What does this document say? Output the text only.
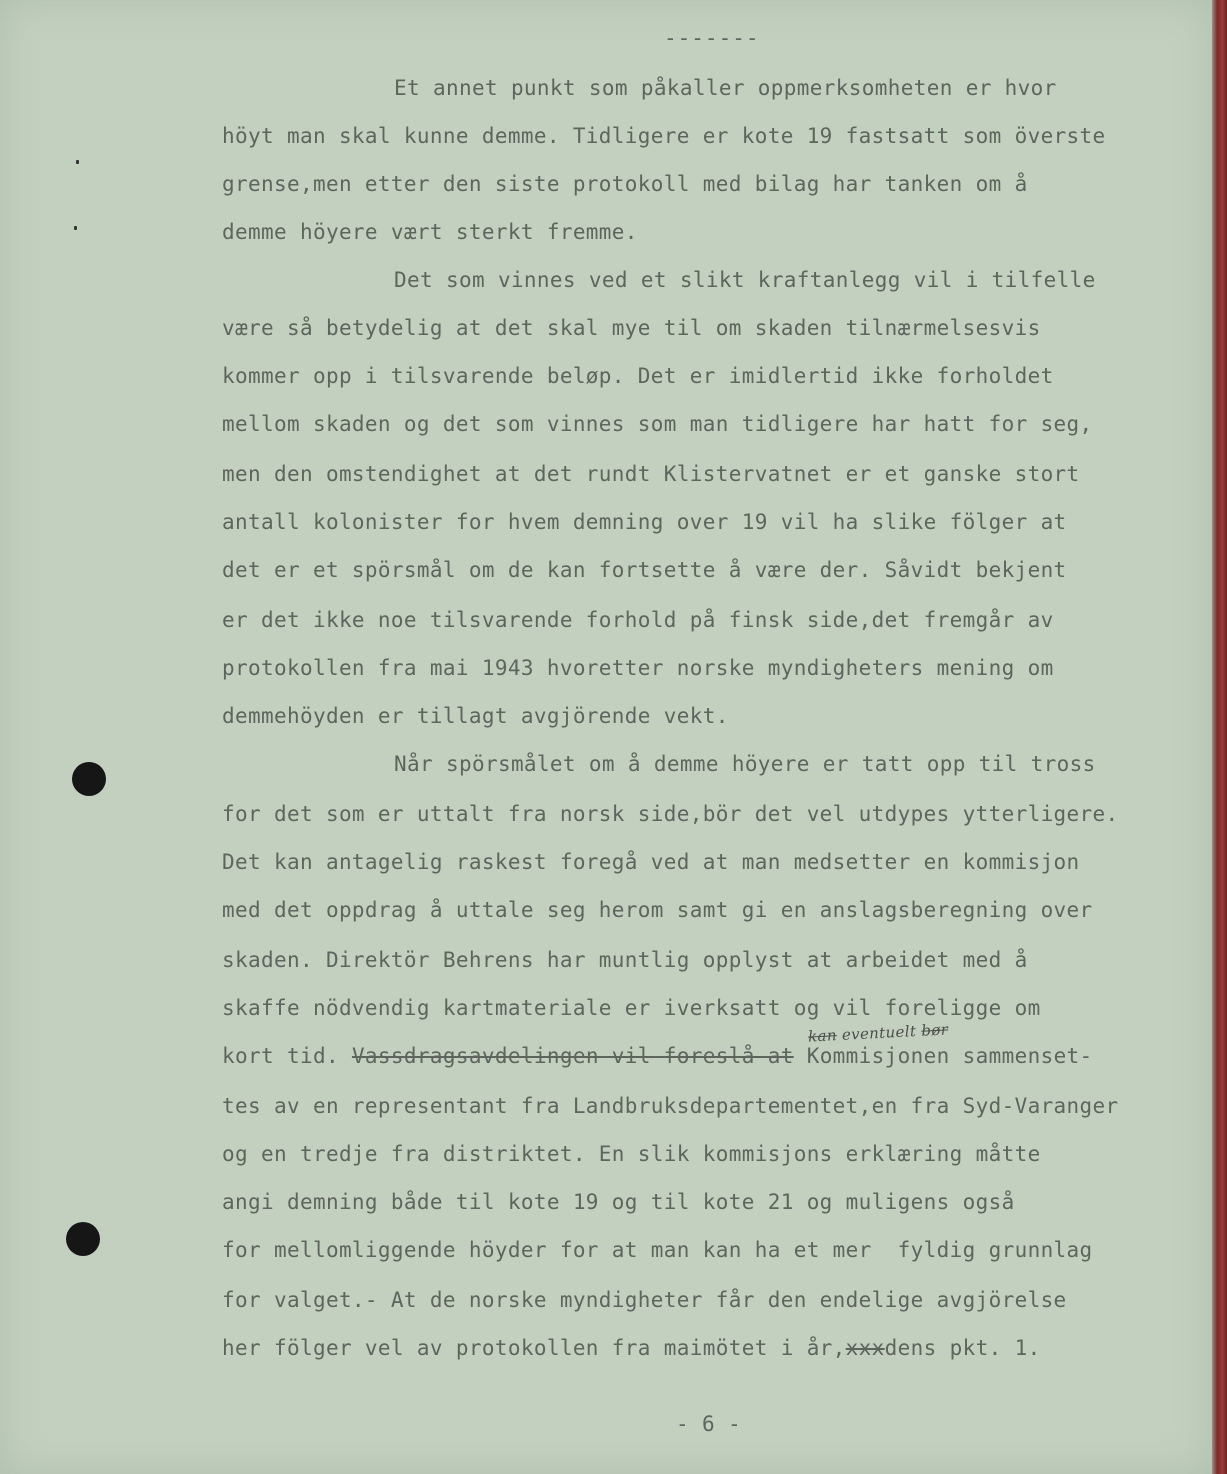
-------
Et annet punkt som påkaller oppmerksomheten er hvor
höyt man skal kunne demme. Tidligere er kote 19 fastsatt som överste
grense,men etter den siste protokoll med bilag har tanken om å
demme höyere vært sterkt fremme.
Det som vinnes ved et slikt kraftanlegg vil i tilfelle
være så betydelig at det skal mye til om skaden tilnærmelsesvis
kommer opp i tilsvarende beløp. Det er imidlertid ikke forholdet
mellom skaden og det som vinnes som man tidligere har hatt for seg,
men den omstendighet at det rundt Klistervatnet er et ganske stort
antall kolonister for hvem demning over 19 vil ha slike fölger at
det er et spörsmål om de kan fortsette å være der. Såvidt bekjent
er det ikke noe tilsvarende forhold på finsk side,det fremgår av
protokollen fra mai 1943 hvoretter norske myndigheters mening om
demmehöyden er tillagt avgjörende vekt.
Når spörsmålet om å demme höyere er tatt opp til tross
for det som er uttalt fra norsk side,bör det vel utdypes ytterligere.
Det kan antagelig raskest foregå ved at man medsetter en kommisjon
med det oppdrag å uttale seg herom samt gi en anslagsberegning over
skaden. Direktör Behrens har muntlig opplyst at arbeidet med å
skaffe nödvendig kartmateriale er iverksatt og vil foreligge om
kort tid. Vassdragsavdelingen vil foreslå at Kommisjonen sammenset-
tes av en representant fra Landbruksdepartementet,en fra Syd-Varanger
og en tredje fra distriktet. En slik kommisjons erklæring måtte
angi demning både til kote 19 og til kote 21 og muligens også
for mellomliggende höyder for at man kan ha et mer  fyldig grunnlag
for valget.- At de norske myndigheter får den endelige avgjörelse
her fölger vel av protokollen fra maimötet i år,xxxdens pkt. 1.
kan eventuelt bør
- 6 -
